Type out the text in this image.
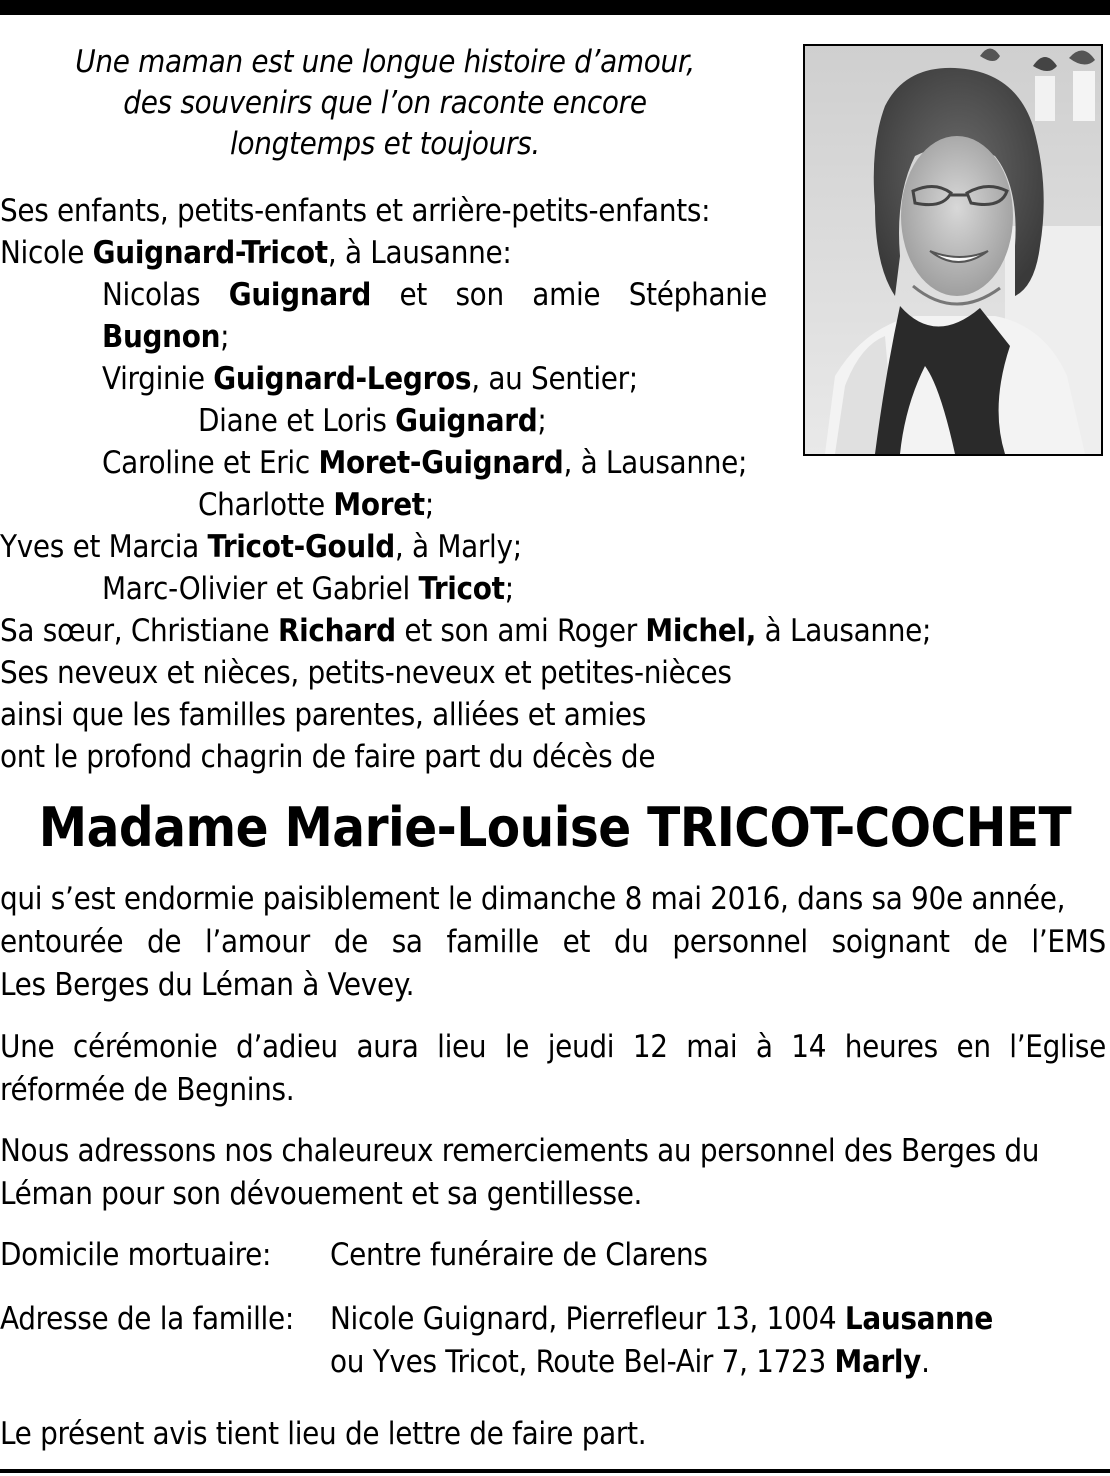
Une maman est une longue histoire d’amour,
des souvenirs que l’on raconte encore
longtemps et toujours.
Ses enfants, petits-enfants et arrière-petits-enfants:
Nicole Guignard-Tricot, à Lausanne:
Nicolas Guignard et son amie Stéphanie
Bugnon;
Virginie Guignard-Legros, au Sentier;
Diane et Loris Guignard;
Caroline et Eric Moret-Guignard, à Lausanne;
Charlotte Moret;
Yves et Marcia Tricot-Gould, à Marly;
Marc-Olivier et Gabriel Tricot;
Sa sœur, Christiane Richard et son ami Roger Michel, à Lausanne;
Ses neveux et nièces, petits-neveux et petites-nièces
ainsi que les familles parentes, alliées et amies
ont le profond chagrin de faire part du décès de
Madame Marie-Louise TRICOT-COCHET
qui s’est endormie paisiblement le dimanche 8 mai 2016, dans sa 90e année,
entourée de l’amour de sa famille et du personnel soignant de l’EMS
Les Berges du Léman à Vevey.
Une cérémonie d’adieu aura lieu le jeudi 12 mai à 14 heures en l’Eglise
réformée de Begnins.
Nous adressons nos chaleureux remerciements au personnel des Berges du
Léman pour son dévouement et sa gentillesse.
Domicile mortuaire:	Centre funéraire de Clarens
Adresse de la famille:	Nicole Guignard, Pierrefleur 13, 1004 Lausanne
ou Yves Tricot, Route Bel-Air 7, 1723 Marly.
Le présent avis tient lieu de lettre de faire part.
